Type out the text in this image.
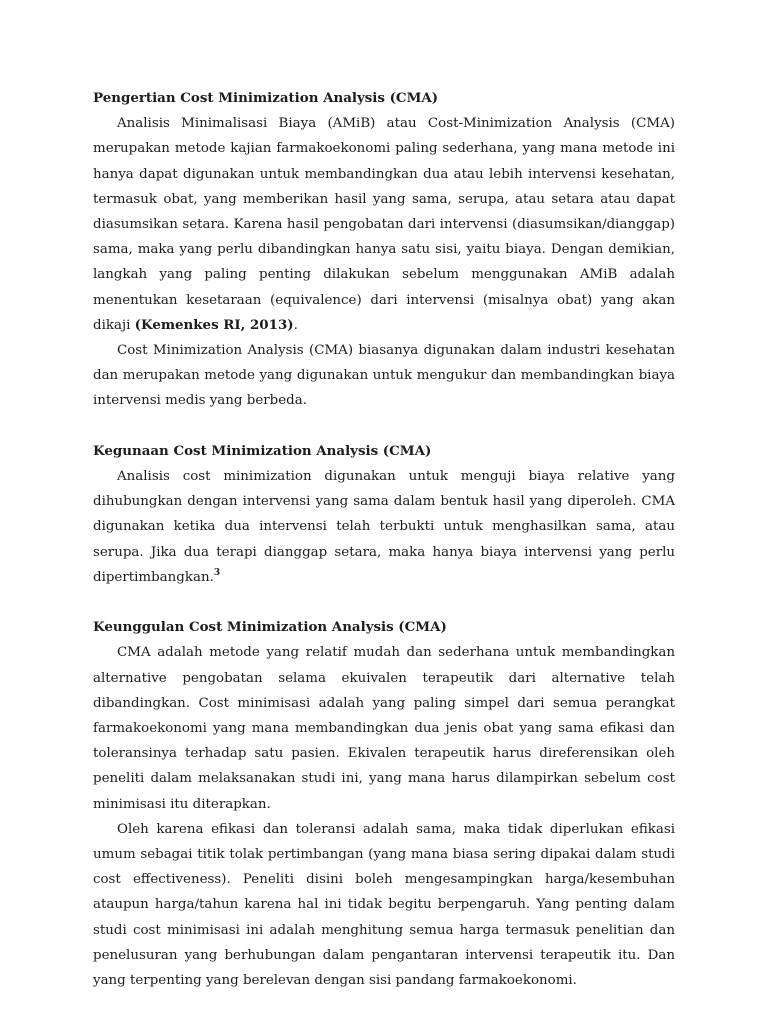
Pengertian Cost Minimization Analysis (CMA)

Analisis Minimalisasi Biaya (AMiB) atau Cost-Minimization Analysis (CMA) merupakan metode kajian farmakoekonomi paling sederhana, yang mana metode ini hanya dapat digunakan untuk membandingkan dua atau lebih intervensi kesehatan, termasuk obat, yang memberikan hasil yang sama, serupa, atau setara atau dapat diasumsikan setara. Karena hasil pengobatan dari intervensi (diasumsikan/dianggap) sama, maka yang perlu dibandingkan hanya satu sisi, yaitu biaya. Dengan demikian, langkah yang paling penting dilakukan sebelum menggunakan AMiB adalah menentukan kesetaraan (equivalence) dari intervensi (misalnya obat) yang akan dikaji (Kemenkes RI, 2013).

Cost Minimization Analysis (CMA) biasanya digunakan dalam industri kesehatan dan merupakan metode yang digunakan untuk mengukur dan membandingkan biaya intervensi medis yang berbeda.

Kegunaan Cost Minimization Analysis (CMA)

Analisis cost minimization digunakan untuk menguji biaya relative yang dihubungkan dengan intervensi yang sama dalam bentuk hasil yang diperoleh. CMA digunakan ketika dua intervensi telah terbukti untuk menghasilkan sama, atau serupa. Jika dua terapi dianggap setara, maka hanya biaya intervensi yang perlu dipertimbangkan.$^3$

Keunggulan Cost Minimization Analysis (CMA)

CMA adalah metode yang relatif mudah dan sederhana untuk membandingkan alternative pengobatan selama ekuivalen terapeutik dari alternative telah dibandingkan. Cost minimisasi adalah yang paling simpel dari semua perangkat farmakoekonomi yang mana membandingkan dua jenis obat yang sama efikasi dan toleransinya terhadap satu pasien. Ekivalen terapeutik harus direferensikan oleh peneliti dalam melaksanakan studi ini, yang mana harus dilampirkan sebelum cost minimisasi itu diterapkan.

Oleh karena efikasi dan toleransi adalah sama, maka tidak diperlukan efikasi umum sebagai titik tolak pertimbangan (yang mana biasa sering dipakai dalam studi cost effectiveness). Peneliti disini boleh mengesampingkan harga/kesembuhan ataupun harga/tahun karena hal ini tidak begitu berpengaruh. Yang penting dalam studi cost minimisasi ini adalah menghitung semua harga termasuk penelitian dan penelusuran yang berhubungan dalam pengantaran intervensi terapeutik itu. Dan yang terpenting yang berelevan dengan sisi pandang farmakoekonomi.
